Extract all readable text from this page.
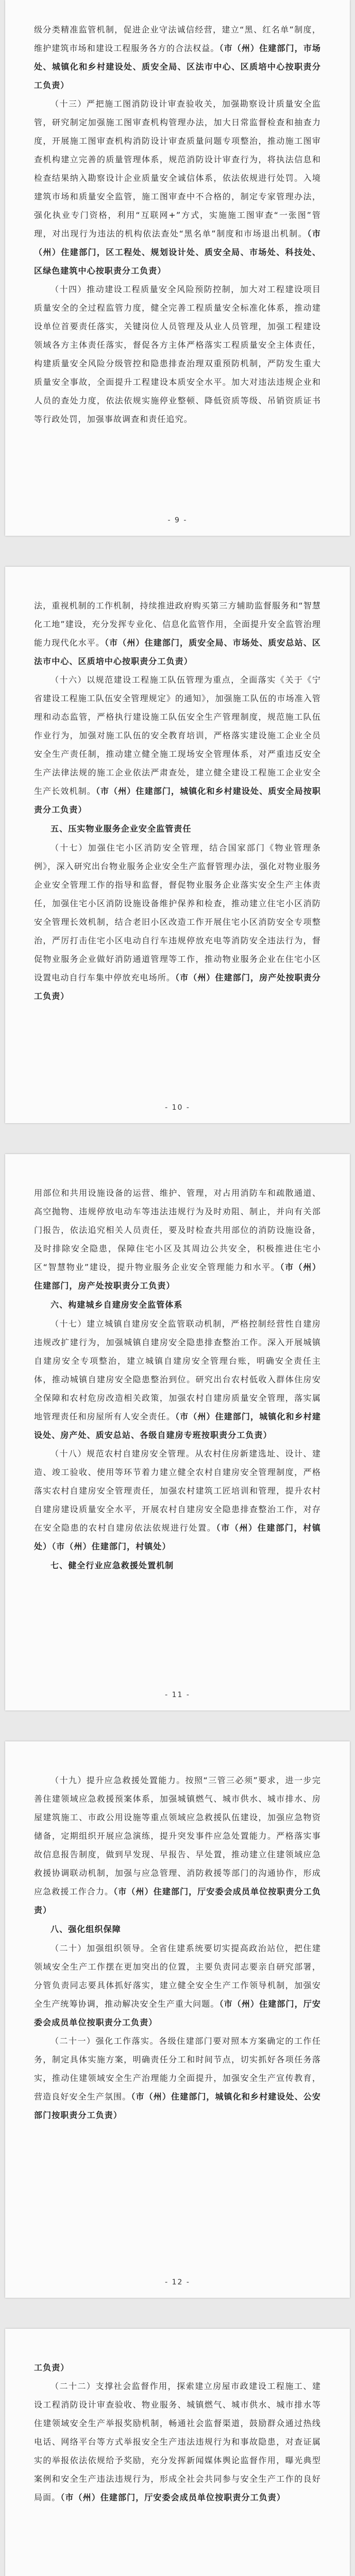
级分类精准监管机制，促进企业守法诚信经营，建立“黑、红名单”制度，维护建筑市场和建设工程服务各方的合法权益。（市（州）住建部门，市场处、城镇化和乡村建设处、质安全局、区法市中心、区质培中心按职责分工负责）

（十三）严把施工图消防设计审查验收关，加强勘察设计质量安全监管，研究制定加强施工图审查机构管理办法，加大日常监督检查和抽查力度，开展施工图审查机构消防设计审查质量问题专项整治，推动施工图审查机构建立完善的质量管理体系，规范消防设计审查行为，将执法信息和检查结果纳入勘察设计企业质量安全诚信体系，依法依规进行处罚。入境建筑市场和质量安全监管，施工图审查中不合格的，制定专家管理办法，强化执业专门资格，利用“互联网+”方式，实施施工图审查“一张图”管理，对出现行为违法的机构依法查处“黑名单”制度和市场退出机制。（市（州）住建部门，区工程处、规划设计处、质安全局、市场处、科技处、区绿色建筑中心按职责分工负责）

（十四）推动建设工程质量安全风险预防控制，加大对工程建设项目质量安全的全过程监管力度，健全完善工程质量安全标准化体系，推动建设单位首要责任落实，关键岗位人员管理及从业人员管理，加强工程建设领域各方主体责任落实，督促各方主体严格落实工程质量安全主体责任，构建质量安全风险分级管控和隐患排查治理双重预防机制，严防发生重大质量安全事故，全面提升工程建设本质安全水平。加大对违法违规企业和人员的查处力度，依法依规实施停业整顿、降低资质等级、吊销资质证书等行政处罚，加强事故调查和责任追究。

- 9 -

法，重视机制的工作机制，持续推进政府购买第三方辅助监督服务和“智慧化工地”建设，充分发挥专业化、信息化监管作用，全面提升安全监管治理能力现代化水平。（市（州）住建部门，质安全局、市场处、质安总站、区法市中心、区质培中心按职责分工负责）

（十六）以规范建设工程施工队伍管理为重点，全面落实《关于《宁省建设工程施工队伍安全管理规定》的通知》，加强施工队伍的市场准入管理和动态监管，严格执行建设施工队伍安全生产管理制度，规范施工队伍作业行为，加强对施工队伍的安全教育培训，严格落实建设施工企业全员安全生产责任制，推动建立健全施工现场安全管理体系，对严重违反安全生产法律法规的施工企业依法严肃查处，建立健全建设工程施工企业安全生产长效机制。（市（州）住建部门，城镇化和乡村建设处、质安全局按职责分工负责）

五、压实物业服务企业安全监管责任

（十七）加强住宅小区消防安全管理，结合国家部门《物业管理条例》，深入研究出台物业服务企业安全生产监督管理办法，强化对物业服务企业安全管理工作的指导和监督，督促物业服务企业落实安全生产主体责任，加强住宅小区消防设施设备维护保养和检查，推动建立住宅小区消防安全管理长效机制，结合老旧小区改造工作开展住宅小区消防安全专项整治，严厉打击住宅小区电动自行车违规停放充电等消防安全违法行为，督促物业服务企业做好消防通道管理等工作，推动物业服务企业在住宅小区设置电动自行车集中停放充电场所。（市（州）住建部门，房产处按职责分工负责）

- 10 -

用部位和共用设施设备的运营、维护、管理，对占用消防车和疏散通道、高空抛物、违规停放电动车等违法违规行为及时劝阻、制止，并向有关部门报告，依法追究相关人员责任，要及时检查共用部位的消防设施设备，及时排除安全隐患，保障住宅小区及其周边公共安全，积极推进住宅小区“智慧物业”建设，提升物业服务企业安全管理能力和水平。（市（州）住建部门，房产处按职责分工负责）

六、构建城乡自建房安全监管体系

（十七）建立城镇自建房安全监管联动机制，严格控制经营性自建房违规改扩建行为，加强城镇自建房安全隐患排查整治工作。深入开展城镇自建房安全专项整治，建立城镇自建房安全管理台账，明确安全责任主体，推动城镇自建房安全隐患整治到位。研究出台农村低收入群体住房安全保障和农村危房改造相关政策，加强农村自建房质量安全管理，落实属地管理责任和房屋所有人安全责任。（市（州）住建部门，城镇化和乡村建设处、房产处、质安总站、各级自建房专班按职责分工负责）

（十八）规范农村自建房安全管理。从农村住房新建选址、设计、建造、竣工验收、使用等环节着力建立健全农村自建房安全管理制度，严格落实农村自建房安全管理责任，加强农村建筑工匠培训和管理，提升农村自建房建设质量安全水平，开展农村自建房安全隐患排查整治工作，对存在安全隐患的农村自建房依法依规进行处置。（市（州）住建部门，村镇处）（市（州）住建部门，村镇处）

七、健全行业应急救援处置机制

- 11 -

（十九）提升应急救援处置能力。按照“三管三必须”要求，进一步完善住建领域应急救援预案体系，加强城镇燃气、城市供水、城市排水、房屋建筑施工、市政公用设施等重点领域应急救援队伍建设，加强应急物资储备，定期组织开展应急演练，提升突发事件应急处置能力。严格落实事故信息报告制度，做到早发现、早报告、早处置，推动建立住建领域应急救援协调联动机制，加强与应急管理、消防救援等部门的沟通协作，形成应急救援工作合力。（市（州）住建部门，厅安委会成员单位按职责分工负责）

八、强化组织保障

（二十）加强组织领导。全省住建系统要切实提高政治站位，把住建领域安全生产工作摆在更加突出的位置，主要负责同志要亲自研究部署，分管负责同志要具体抓好落实，建立健全安全生产工作领导机制，加强安全生产统筹协调，推动解决安全生产重大问题。（市（州）住建部门，厅安委会成员单位按职责分工负责）

（二十一）强化工作落实。各级住建部门要对照本方案确定的工作任务，制定具体实施方案，明确责任分工和时间节点，切实抓好各项任务落实，推动住建领域安全生产治理能力全面提升，加强安全生产宣传教育，营造良好安全生产氛围。（市（州）住建部门，城镇化和乡村建设处、公安部门按职责分工负责）

- 12 -

工负责）

（二十二）支撑社会监督作用，探索建立房屋市政建设工程施工、建设工程消防设计审查验收、物业服务、城镇燃气、城市供水、城市排水等住建领域安全生产举报奖励机制，畅通社会监督渠道，鼓励群众通过热线电话、网络平台等方式举报安全生产违法违规行为和事故隐患，对查证属实的举报依法依规给予奖励，充分发挥新闻媒体舆论监督作用，曝光典型案例和安全生产违法违规行为，形成全社会共同参与安全生产工作的良好局面。（市（州）住建部门，厅安委会成员单位按职责分工负责）
